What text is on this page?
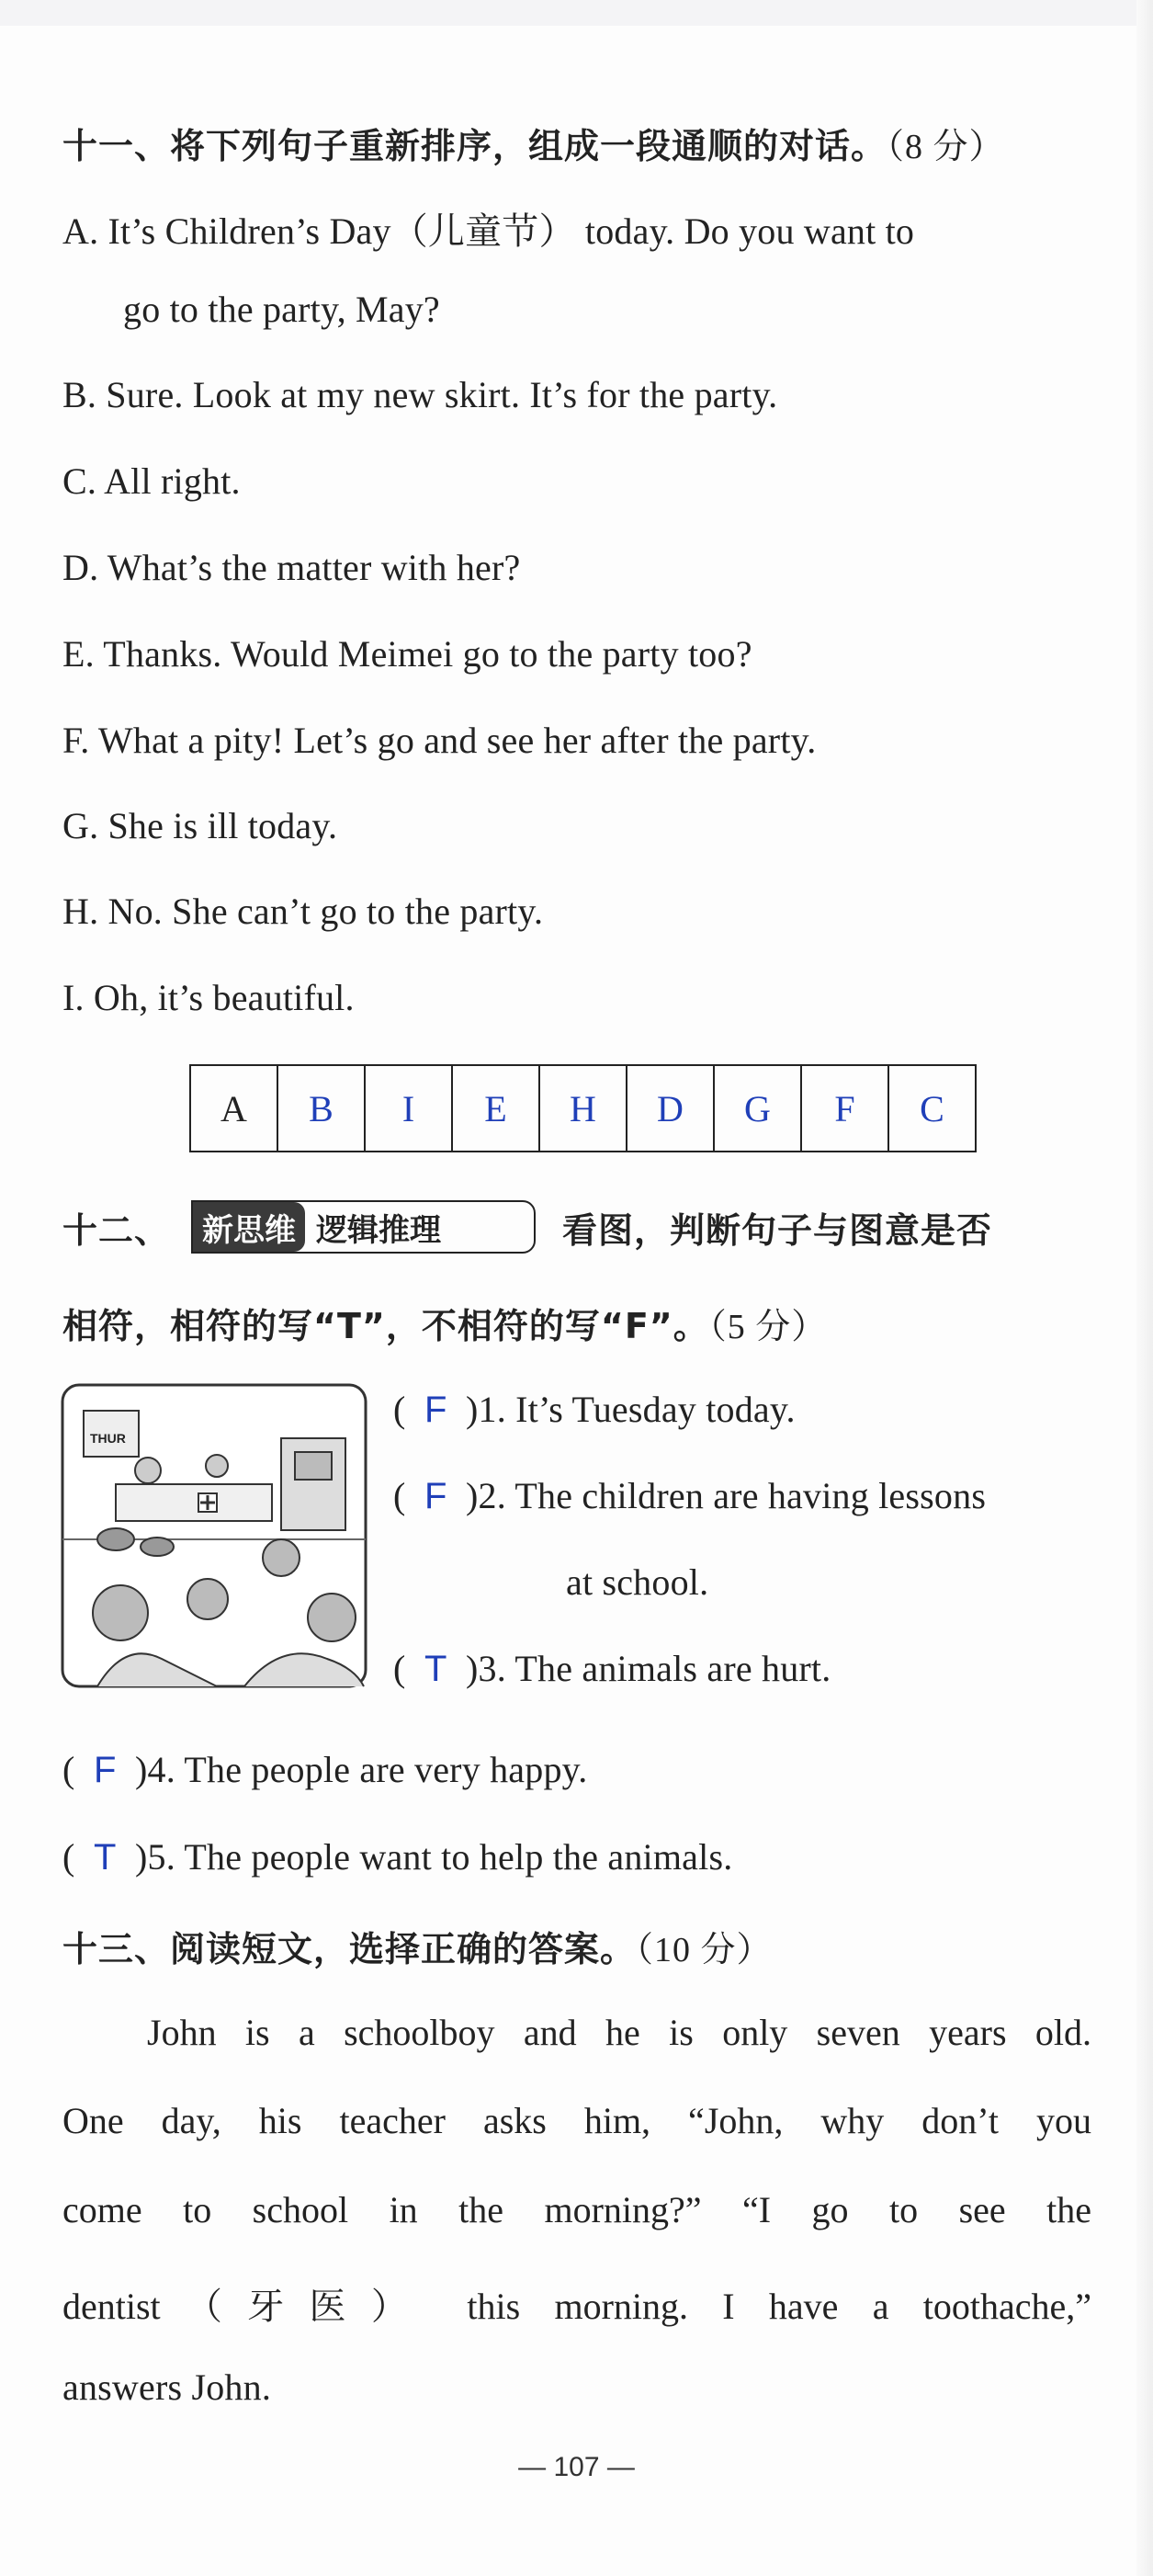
十一、将下列句子重新排序，组成一段通顺的对话。（8 分）
A. It’s Children’s Day（儿童节） today. Do you want to
go to the party, May?
B. Sure. Look at my new skirt. It’s for the party.
C. All right.
D. What’s the matter with her?
E. Thanks. Would Meimei go to the party too?
F. What a pity! Let’s go and see her after the party.
G. She is ill today.
H. No. She can’t go to the party.
I. Oh, it’s beautiful.
A	B	I	E	H	D	G	F	C
十二、 新思维 逻辑推理	看图，判断句子与图意是否
相符，相符的写“T”，不相符的写“F”。（5 分）
THUR
( F )1. It’s Tuesday today.
( F )2. The children are having lessons
at school.
( T )3. The animals are hurt.
( F )4. The people are very happy.
( T )5. The people want to help the animals.
十三、阅读短文，选择正确的答案。（10 分）
John is a schoolboy and he is only seven years old.
One day, his teacher asks him, “John, why don’t you
come to school in the morning?” “I go to see the
dentist（牙医） this morning. I have a toothache,”
answers John.
— 107 —
